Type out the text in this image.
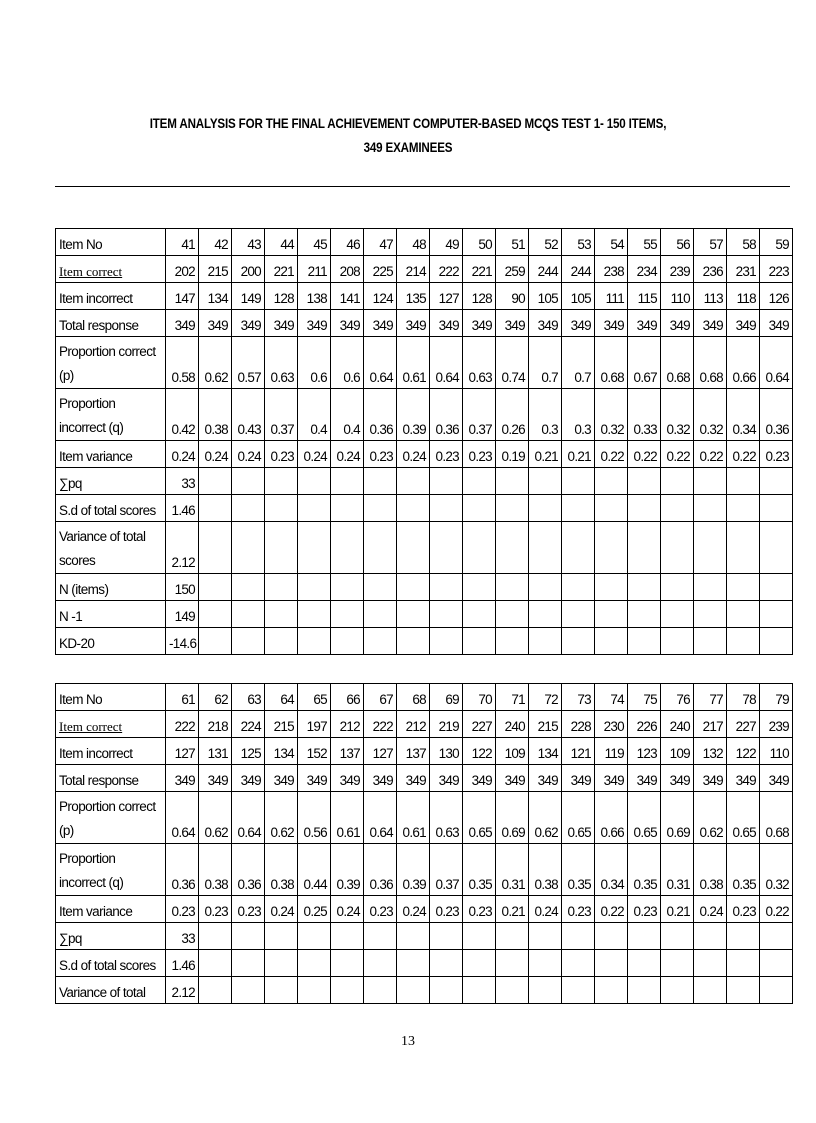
ITEM ANALYSIS FOR THE FINAL ACHIEVEMENT COMPUTER-BASED MCQS TEST 1- 150 ITEMS,
349 EXAMINEES
Item No	41	42	43	44	45	46	47	48	49	50	51	52	53	54	55	56	57	58	59
Item correct	202	215	200	221	211	208	225	214	222	221	259	244	244	238	234	239	236	231	223
Item incorrect	147	134	149	128	138	141	124	135	127	128	90	105	105	111	115	110	113	118	126
Total response	349	349	349	349	349	349	349	349	349	349	349	349	349	349	349	349	349	349	349
Proportion correct (p)	0.58	0.62	0.57	0.63	0.6	0.6	0.64	0.61	0.64	0.63	0.74	0.7	0.7	0.68	0.67	0.68	0.68	0.66	0.64
Proportion incorrect (q)	0.42	0.38	0.43	0.37	0.4	0.4	0.36	0.39	0.36	0.37	0.26	0.3	0.3	0.32	0.33	0.32	0.32	0.34	0.36
Item variance	0.24	0.24	0.24	0.23	0.24	0.24	0.23	0.24	0.23	0.23	0.19	0.21	0.21	0.22	0.22	0.22	0.22	0.22	0.23
∑pq	33																		
S.d of total scores	1.46																		
Variance of total scores	2.12																		
N (items)	150																		
N -1	149																		
KD-20	-14.6																		
Item No	61	62	63	64	65	66	67	68	69	70	71	72	73	74	75	76	77	78	79
Item correct	222	218	224	215	197	212	222	212	219	227	240	215	228	230	226	240	217	227	239
Item incorrect	127	131	125	134	152	137	127	137	130	122	109	134	121	119	123	109	132	122	110
Total response	349	349	349	349	349	349	349	349	349	349	349	349	349	349	349	349	349	349	349
Proportion correct (p)	0.64	0.62	0.64	0.62	0.56	0.61	0.64	0.61	0.63	0.65	0.69	0.62	0.65	0.66	0.65	0.69	0.62	0.65	0.68
Proportion incorrect (q)	0.36	0.38	0.36	0.38	0.44	0.39	0.36	0.39	0.37	0.35	0.31	0.38	0.35	0.34	0.35	0.31	0.38	0.35	0.32
Item variance	0.23	0.23	0.23	0.24	0.25	0.24	0.23	0.24	0.23	0.23	0.21	0.24	0.23	0.22	0.23	0.21	0.24	0.23	0.22
∑pq	33																		
S.d of total scores	1.46																		
Variance of total	2.12																		
13
